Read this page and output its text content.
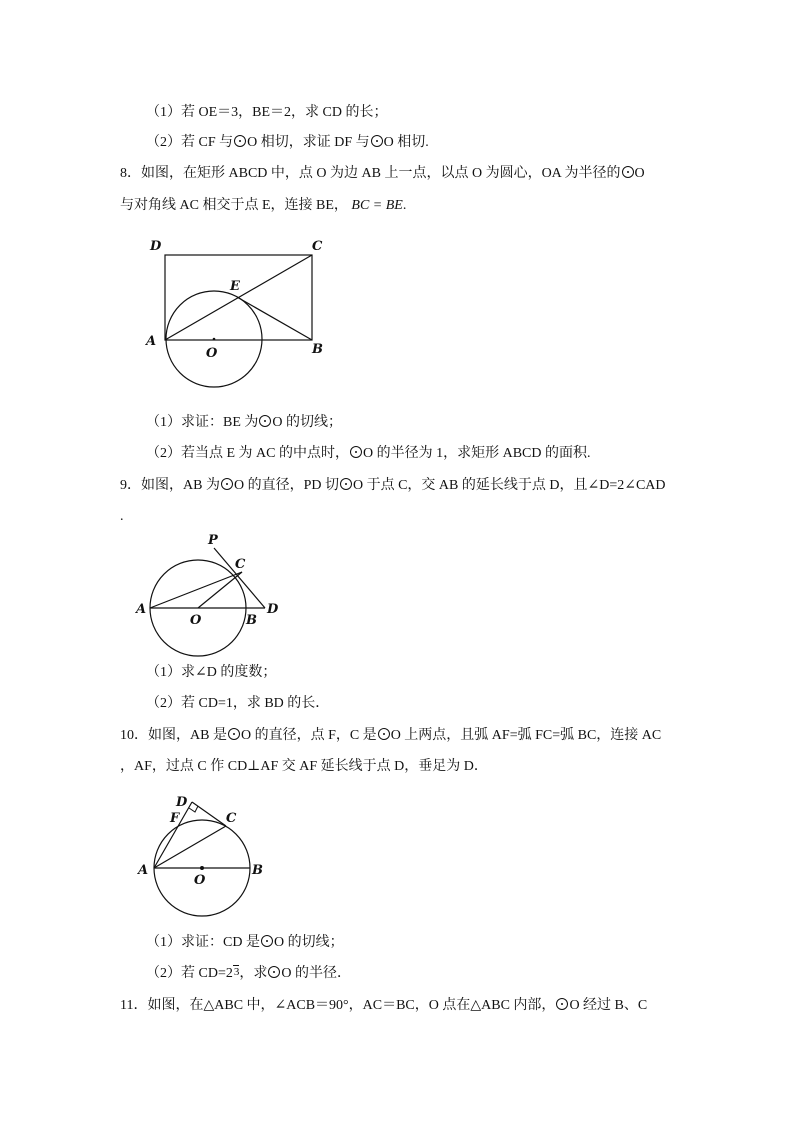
（1）若 OE＝3，BE＝2，求 CD 的长；
（2）若 CF 与 O 相切，求证 DF 与 O 相切.
8．如图，在矩形 ABCD 中，点 O 为边 AB 上一点，以点 O 为圆心，OA 为半径的 O
与对角线 AC 相交于点 E，连接 BE， BC = BE.
D	C
E
A
O	B
（1）求证：BE 为 O 的切线；
（2）若当点 E 为 AC 的中点时， O 的半径为 1，求矩形 ABCD 的面积.
9．如图，AB 为 O 的直径，PD 切 O 于点 C，交 AB 的延长线于点 D，且∠D=2∠CAD
.
P
C
A
O	B
D
（1）求∠D 的度数；
（2）若 CD=1，求 BD 的长．
10．如图，AB 是 O 的直径，点 F，C 是 O 上两点，且弧 AF=弧 FC=弧 BC，连接 AC
，AF，过点 C 作 CD⊥AF 交 AF 延长线于点 D，垂足为 D．
D
F	C
A
O
B
（1）求证：CD 是 O 的切线；
（2）若 CD=23，求 O 的半径．
11．如图，在△ABC 中，∠ACB＝90°，AC＝BC，O 点在△ABC 内部， O 经过 B、C
